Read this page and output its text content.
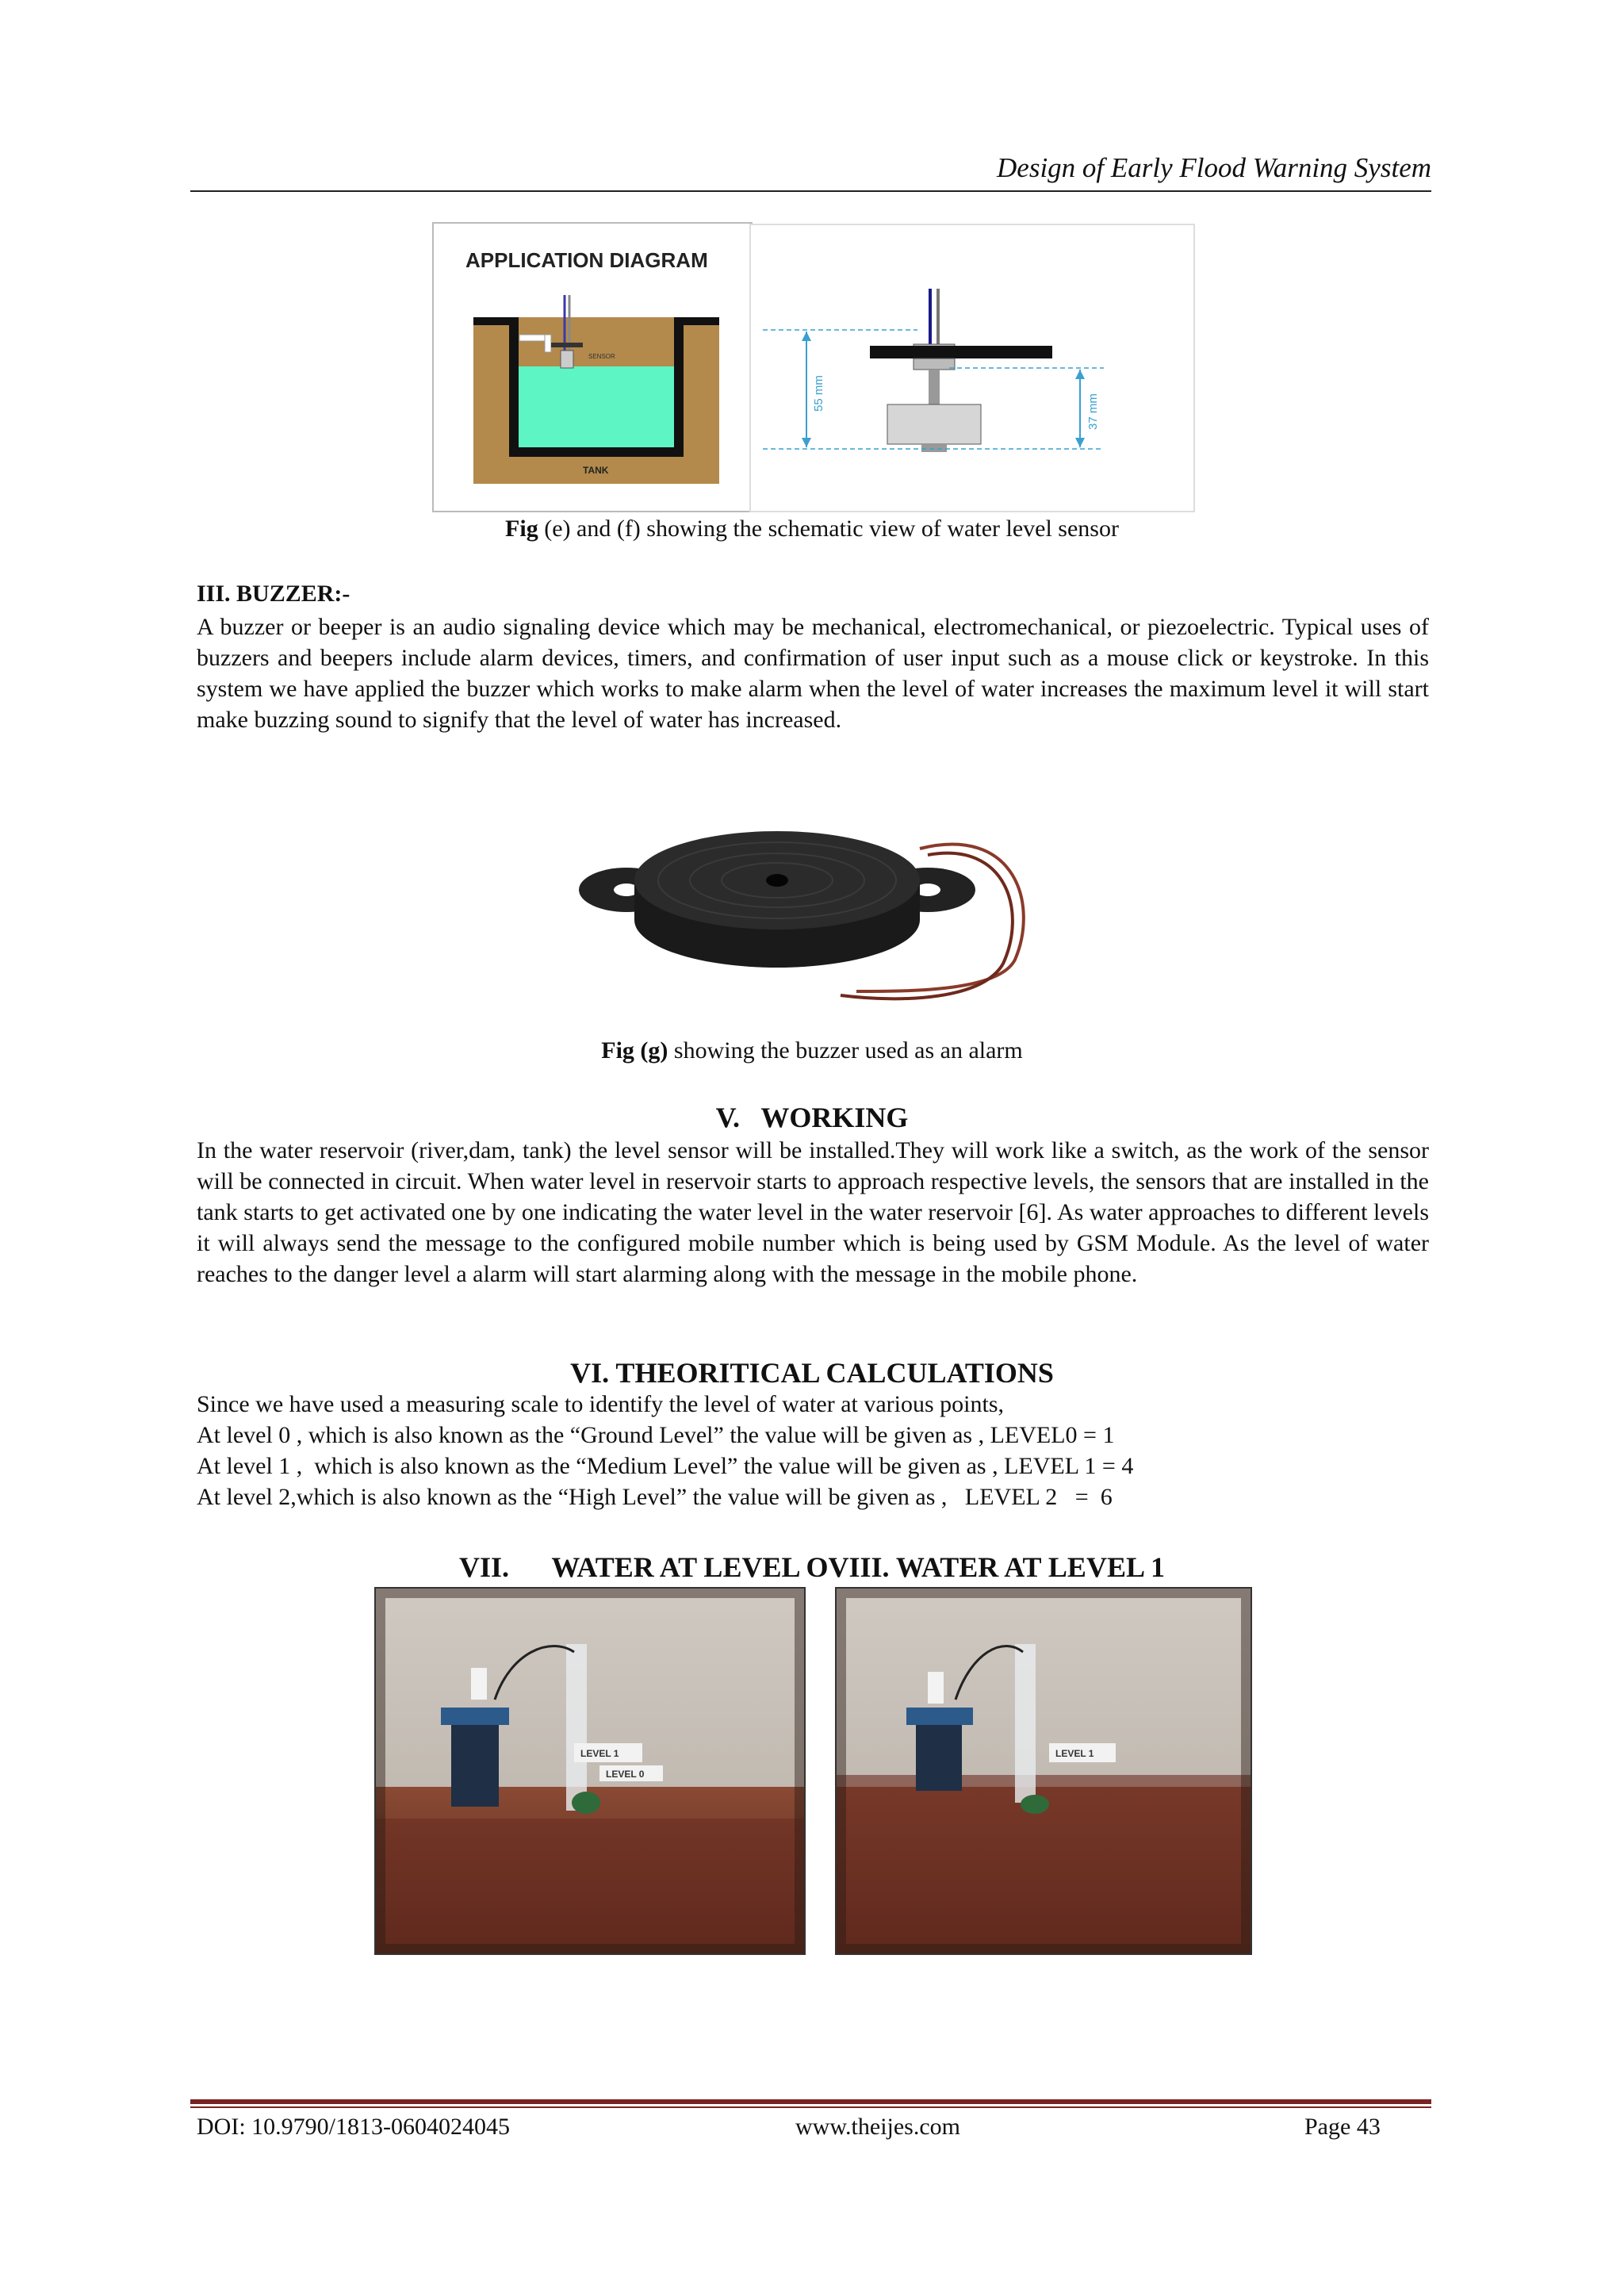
Design of Early Flood Warning System
APPLICATION DIAGRAM
SENSOR
TANK
55 mm
37 mm
Fig (e) and (f) showing the schematic view of water level sensor
III. BUZZER:-
A buzzer or beeper is an audio signaling device which may be mechanical, electromechanical, or piezoelectric. Typical uses of buzzers and beepers include alarm devices, timers, and confirmation of user input such as a mouse click or keystroke. In this system we have applied the buzzer which works to make alarm when the level of water increases the maximum level it will start make buzzing sound to signify that the level of water has increased.
Fig (g) showing the buzzer used as an alarm
V.   WORKING
In the water reservoir (river,dam, tank) the level sensor will be installed.They will work like a switch, as the work of the sensor will be connected in circuit. When water level in reservoir starts to approach respective levels, the sensors that are installed in the tank starts to get activated one by one indicating the water level in the water reservoir [6]. As water approaches to different levels it will always send the message to the configured mobile number which is being used by GSM Module. As the level of water reaches to the danger level a alarm will start alarming along with the message in the mobile phone.
VI. THEORITICAL CALCULATIONS
Since we have used a measuring scale to identify the level of water at various points,
At level 0 , which is also known as the “Ground Level” the value will be given as , LEVEL0 = 1
At level 1 ,  which is also known as the “Medium Level” the value will be given as , LEVEL 1 = 4
At level 2,which is also known as the “High Level” the value will be given as ,   LEVEL 2   =  6
VII.      WATER AT LEVEL OVIII. WATER AT LEVEL 1
LEVEL 1
LEVEL 0
LEVEL 1
DOI: 10.9790/1813-0604024045	www.theijes.com	Page 43
